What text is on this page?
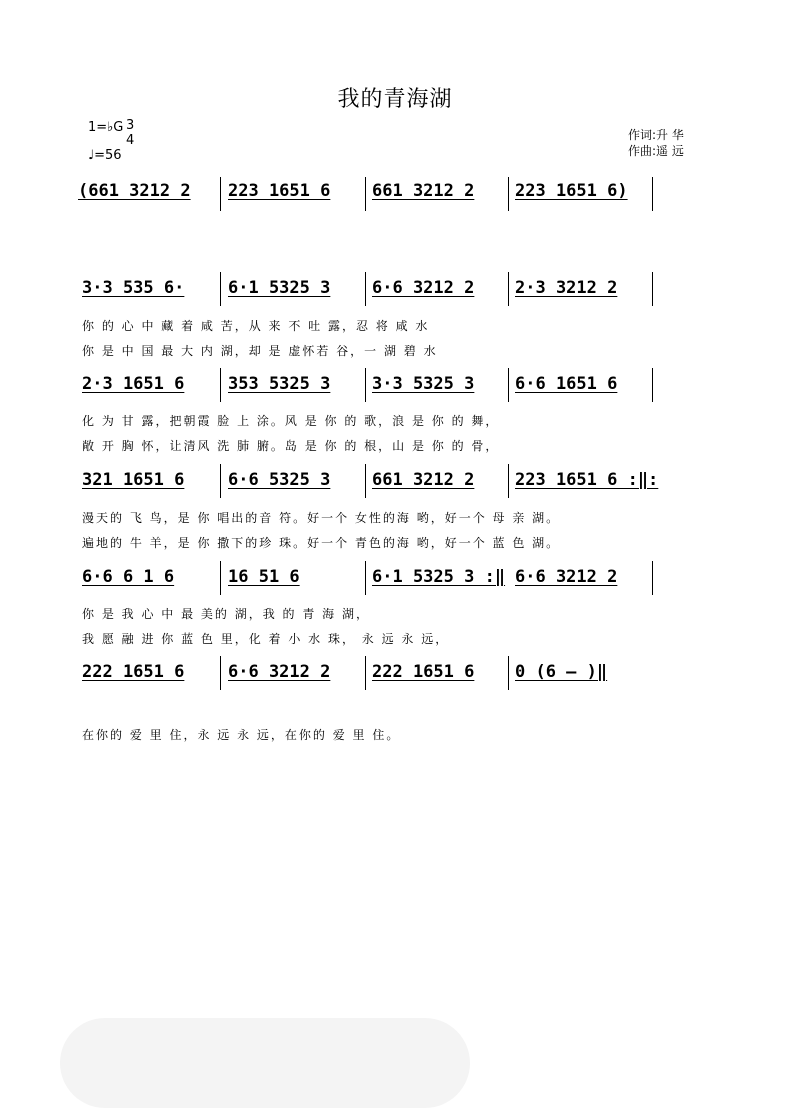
我的青海湖
1=♭G 3
4
♩=56
作词:升 华
作曲:遥 远
(661 3212 2 223 1651 6 661 3212 2 223 1651 6)
3·3 535 6·	6·1 5325 3 6·6 3212 2 2·3 3212 2
你 的 心 中 藏 着 咸 苦，从 来 不 吐 露，忍 将 咸 水
你 是 中 国 最 大 内 湖，却 是 虚怀若 谷，一 湖 碧 水
2·3 1651 6	353 5325 3 3·3 5325 3 6·6 1651 6
化 为 甘 露，把朝霞 脸 上 涂。风 是 你 的 歌，浪 是 你 的 舞，
敞 开 胸 怀，让清风 洗 肺 腑。岛 是 你 的 根，山 是 你 的 骨，
321 1651 6	6·6 5325 3 661 3212 2 223 1651 6 :‖:
漫天的 飞 鸟，是 你 唱出的音 符。好一个 女性的海 哟，好一个 母 亲 湖。
遍地的 牛 羊，是 你 撒下的珍 珠。好一个 青色的海 哟，好一个 蓝 色 湖。
6·6 6 1 6	16 51 6	6·1 5325 3 :‖ 6·6 3212 2
你 是 我 心 中 最 美的 湖，我 的 青 海 湖，
我 愿 融 进 你 蓝 色 里，化 着 小 水 珠， 永 远 永 远，
222 1651 6	6·6 3212 2 222 1651 6 0 (6 – )‖
在你的 爱 里 住，永 远 永 远，在你的 爱 里 住。
